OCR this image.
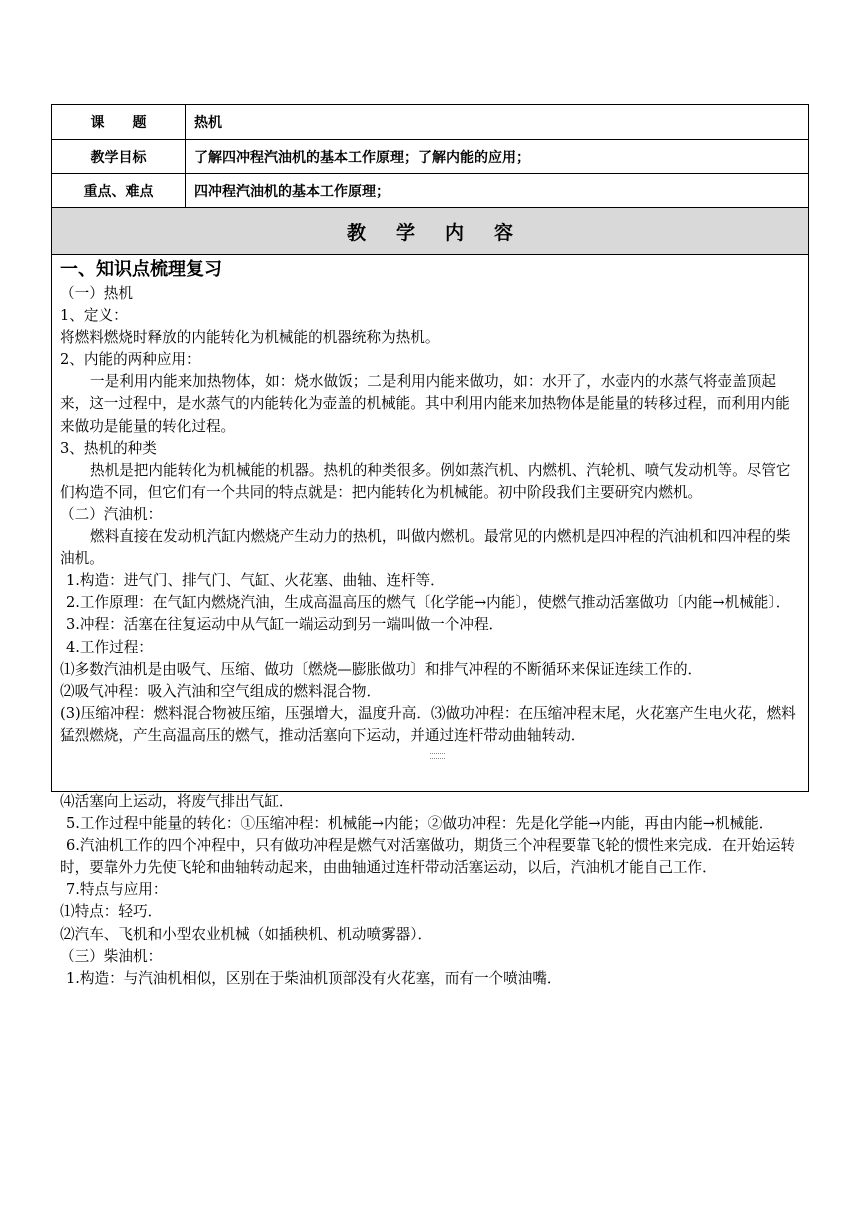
课　　题	热机
教学目标	了解四冲程汽油机的基本工作原理；了解内能的应用；
重点、难点	四冲程汽油机的基本工作原理；
教学内容

一、知识点梳理复习

（一）热机

1、定义：

将燃料燃烧时释放的内能转化为机械能的机器统称为热机。

2、内能的两种应用：

一是利用内能来加热物体，如：烧水做饭；二是利用内能来做功，如：水开了，水壶内的水蒸气将壶盖顶起来，这一过程中，是水蒸气的内能转化为壶盖的机械能。其中利用内能来加热物体是能量的转移过程，而利用内能来做功是能量的转化过程。

3、热机的种类

热机是把内能转化为机械能的机器。热机的种类很多。例如蒸汽机、内燃机、汽轮机、喷气发动机等。尽管它们构造不同，但它们有一个共同的特点就是：把内能转化为机械能。初中阶段我们主要研究内燃机。

（二）汽油机：

燃料直接在发动机汽缸内燃烧产生动力的热机，叫做内燃机。最常见的内燃机是四冲程的汽油机和四冲程的柴油机。

1.构造：进气门、排气门、气缸、火花塞、曲轴、连杆等．

2.工作原理：在气缸内燃烧汽油，生成高温高压的燃气〔化学能→内能〕，使燃气推动活塞做功〔内能→机械能〕．

3.冲程：活塞在往复运动中从气缸一端运动到另一端叫做一个冲程．

4.工作过程：

⑴多数汽油机是由吸气、压缩、做功〔燃烧—膨胀做功〕和排气冲程的不断循环来保证连续工作的．

⑵吸气冲程：吸入汽油和空气组成的燃料混合物．

(3)压缩冲程：燃料混合物被压缩，压强增大，温度升高．⑶做功冲程：在压缩冲程末尾，火花塞产生电火花，燃料猛烈燃烧，产生高温高压的燃气，推动活塞向下运动，并通过连杆带动曲轴转动．

⑷活塞向上运动，将废气排出气缸．

5.工作过程中能量的转化：①压缩冲程：机械能→内能；②做功冲程：先是化学能→内能，再由内能→机械能．

6.汽油机工作的四个冲程中，只有做功冲程是燃气对活塞做功，期货三个冲程要靠飞轮的惯性来完成．在开始运转时，要靠外力先使飞轮和曲轴转动起来，由曲轴通过连杆带动活塞运动，以后，汽油机才能自己工作．

7.特点与应用：

⑴特点：轻巧．

⑵汽车、飞机和小型农业机械（如插秧机、机动喷雾器）．

（三）柴油机：

1.构造：与汽油机相似，区别在于柴油机顶部没有火花塞，而有一个喷油嘴．
